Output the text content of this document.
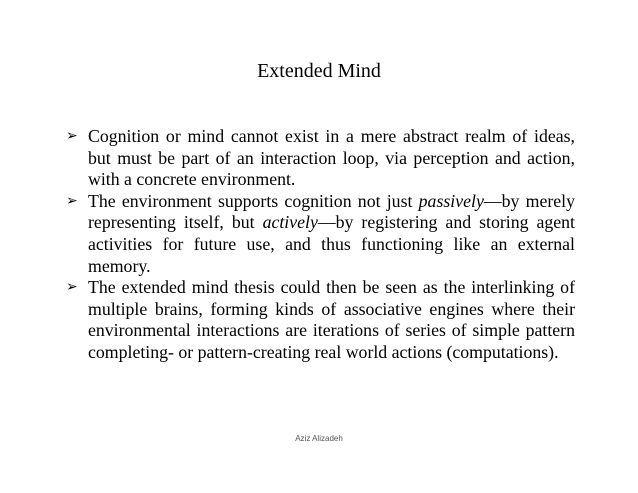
Extended Mind
➢ Cognition or mind cannot exist in a mere abstract realm of ideas, but must be part of an interaction loop, via perception and action, with a concrete environment.
➢ The environment supports cognition not just passively—by merely representing itself, but actively—by registering and storing agent activities for future use, and thus functioning like an external memory.
➢ The extended mind thesis could then be seen as the interlinking of multiple brains, forming kinds of associative engines where their environmental interactions are iterations of series of simple pattern completing- or pattern-creating real world actions (computations).
Aziz Alizadeh
